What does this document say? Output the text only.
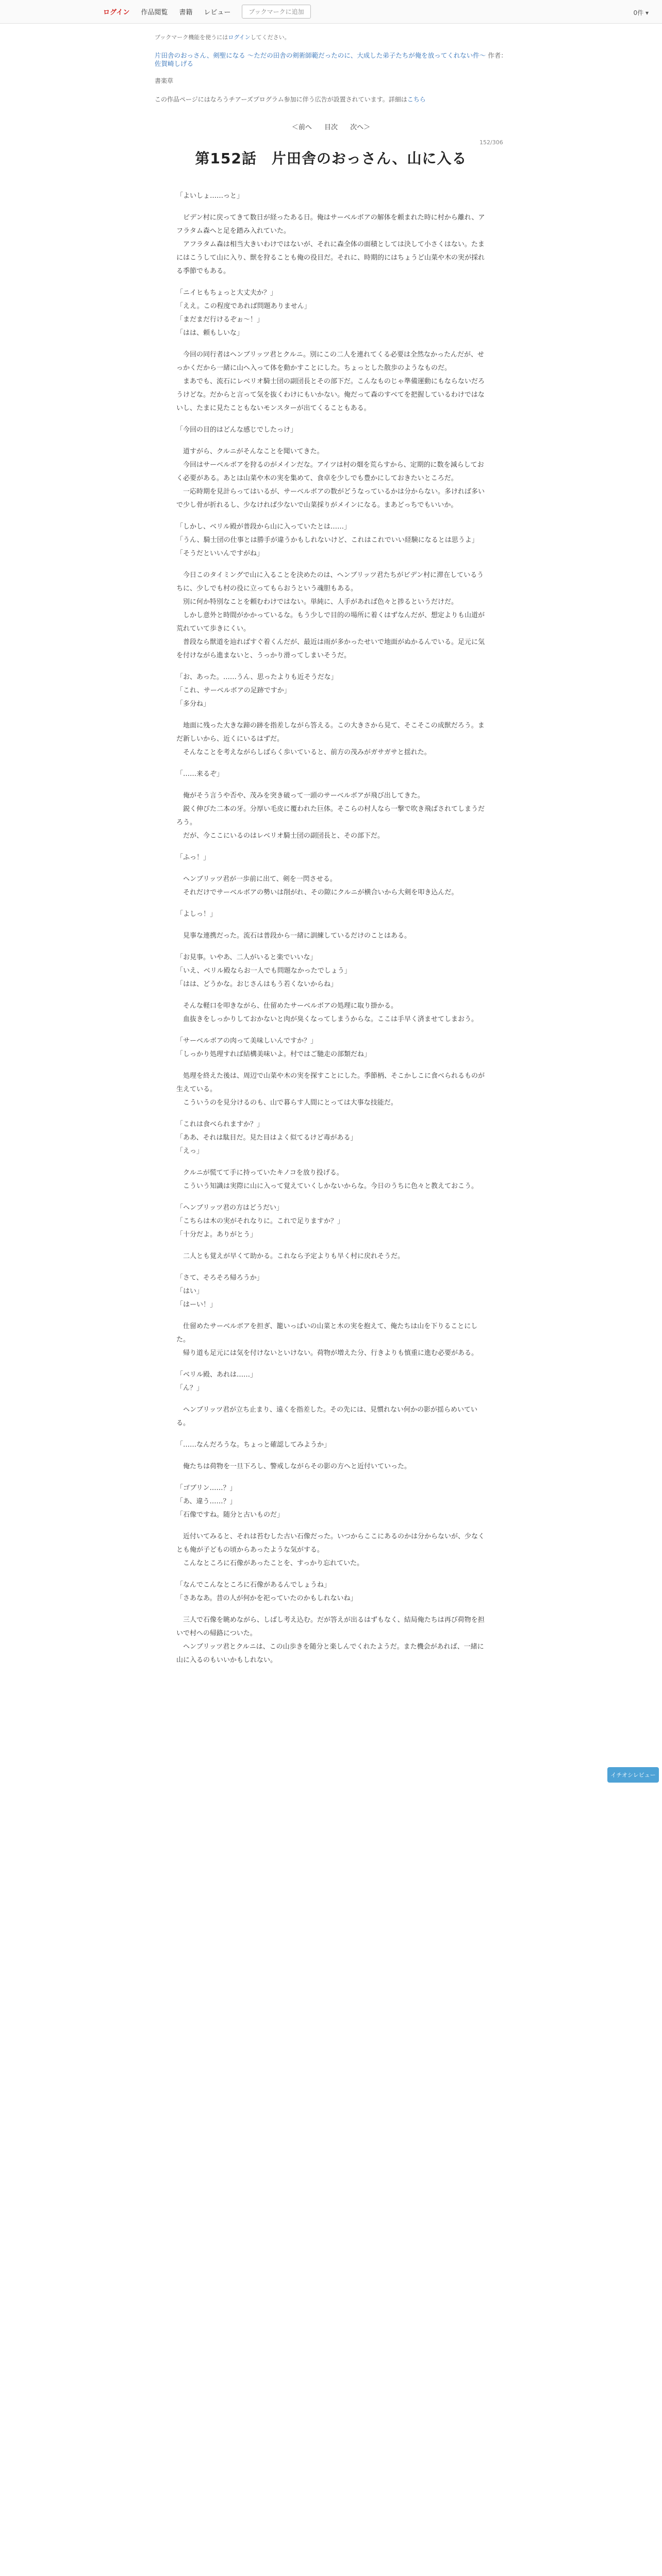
ログイン 作品閲覧 書籍 レビュー	ブックマークに追加	0件 ▾
ブックマーク機能を使うにはログインしてください。
片田舎のおっさん、剣聖になる 〜ただの田舎の剣術師範だったのに、大成した弟子たちが俺を放ってくれない件〜 作者：佐賀崎しげる
書楽草
この作品ページにはなろうチアーズプログラム参加に伴う広告が設置されています。詳細はこちら
＜前へ 目次 次へ＞
152/306
第152話　片田舎のおっさん、山に入る

「よいしょ……っと」

　ビデン村に戻ってきて数日が経ったある日。俺はサーベルボアの解体を頼まれた時に村から離れ、アフラタム森へと足を踏み入れていた。

　アフラタム森は相当大きいわけではないが、それに森全体の面積としては決して小さくはない。たまにはこうして山に入り、獣を狩ることも俺の役目だ。それに、時期的にはちょうど山菜や木の実が採れる季節でもある。

「ニイヒもちょっと大丈夫か？」

「ええ。この程度であれば問題ありません」

「まだまだ行けるぞぉ～！」

「はは、頼もしいな」

　今回の同行者はヘンブリッツ君とクルニ。別にこの二人を連れてくる必要は全然なかったんだが、せっかくだから一緒に山へ入って体を動かすことにした。ちょっとした散歩のようなものだ。

　まあでも、流石にレベリオ騎士団の副団長とその部下だ。こんなものじゃ準備運動にもならないだろうけどな。だからと言って気を抜くわけにもいかない。俺だって森のすべてを把握しているわけではないし、たまに見たこともないモンスターが出てくることもある。

「今回の目的はどんな感じでしたっけ」

　道すがら、クルニがそんなことを聞いてきた。

　今回はサーベルボアを狩るのがメインだな。アイツは村の畑を荒らすから、定期的に数を減らしておく必要がある。あとは山菜や木の実を集めて、食卓を少しでも豊かにしておきたいところだ。

　一応時期を見計らってはいるが、サーベルボアの数がどうなっているかは分からない。多ければ多いで少し骨が折れるし、少なければ少ないで山菜採りがメインになる。まあどっちでもいいか。

「しかし、ベリル殿が普段から山に入っていたとは……」

「うん、騎士団の仕事とは勝手が違うかもしれないけど、これはこれでいい経験になるとは思うよ」

「そうだといいんですがね」

　今日このタイミングで山に入ることを決めたのは、ヘンブリッツ君たちがビデン村に滞在しているうちに、少しでも村の役に立ってもらおうという魂胆もある。

　別に何か特別なことを頼むわけではない。単純に、人手があれば色々と捗るというだけだ。

　しかし意外と時間がかかっているな。もう少しで目的の場所に着くはずなんだが、想定よりも山道が荒れていて歩きにくい。

　普段なら獣道を辿ればすぐ着くんだが、最近は雨が多かったせいで地面がぬかるんでいる。足元に気を付けながら進まないと、うっかり滑ってしまいそうだ。

「お、あった。……うん、思ったよりも近そうだな」

「これ、サーベルボアの足跡ですか」

「多分ね」

　地面に残った大きな蹄の跡を指差しながら答える。この大きさから見て、そこそこの成獣だろう。まだ新しいから、近くにいるはずだ。

　そんなことを考えながらしばらく歩いていると、前方の茂みがガサガサと揺れた。

「……来るぞ」

　俺がそう言うや否や、茂みを突き破って一頭のサーベルボアが飛び出してきた。

　鋭く伸びた二本の牙。分厚い毛皮に覆われた巨体。そこらの村人なら一撃で吹き飛ばされてしまうだろう。

　だが、今ここにいるのはレベリオ騎士団の副団長と、その部下だ。

「ふっ！」

　ヘンブリッツ君が一歩前に出て、剣を一閃させる。

　それだけでサーベルボアの勢いは削がれ、その隙にクルニが横合いから大剣を叩き込んだ。

「よしっ！」

　見事な連携だった。流石は普段から一緒に訓練しているだけのことはある。

「お見事。いやあ、二人がいると楽でいいな」

「いえ、ベリル殿ならお一人でも問題なかったでしょう」

「はは、どうかな。おじさんはもう若くないからね」

　そんな軽口を叩きながら、仕留めたサーベルボアの処理に取り掛かる。

　血抜きをしっかりしておかないと肉が臭くなってしまうからな。ここは手早く済ませてしまおう。

「サーベルボアの肉って美味しいんですか？」

「しっかり処理すれば結構美味いよ。村ではご馳走の部類だね」

　処理を終えた後は、周辺で山菜や木の実を探すことにした。季節柄、そこかしこに食べられるものが生えている。

　こういうのを見分けるのも、山で暮らす人間にとっては大事な技能だ。

「これは食べられますか？」

「ああ、それは駄目だ。見た目はよく似てるけど毒がある」

「えっ」

　クルニが慌てて手に持っていたキノコを放り投げる。

　こういう知識は実際に山に入って覚えていくしかないからな。今日のうちに色々と教えておこう。

「ヘンブリッツ君の方はどうだい」

「こちらは木の実がそれなりに。これで足りますか？」

「十分だよ。ありがとう」

　二人とも覚えが早くて助かる。これなら予定よりも早く村に戻れそうだ。

「さて、そろそろ帰ろうか」

「はい」

「はーい！」

　仕留めたサーベルボアを担ぎ、籠いっぱいの山菜と木の実を抱えて、俺たちは山を下りることにした。

　帰り道も足元には気を付けないといけない。荷物が増えた分、行きよりも慎重に進む必要がある。

「ベリル殿、あれは……」

「ん？」

　ヘンブリッツ君が立ち止まり、遠くを指差した。その先には、見慣れない何かの影が揺らめいている。

「……なんだろうな。ちょっと確認してみようか」

　俺たちは荷物を一旦下ろし、警戒しながらその影の方へと近付いていった。

「ゴブリン……？」

「あ、違う……？」

「石像ですね。随分と古いものだ」

　近付いてみると、それは苔むした古い石像だった。いつからここにあるのかは分からないが、少なくとも俺が子どもの頃からあったような気がする。

　こんなところに石像があったことを、すっかり忘れていた。

「なんでこんなところに石像があるんでしょうね」

「さあなあ。昔の人が何かを祀っていたのかもしれないね」

　三人で石像を眺めながら、しばし考え込む。だが答えが出るはずもなく、結局俺たちは再び荷物を担いで村への帰路についた。

　ヘンブリッツ君とクルニは、この山歩きを随分と楽しんでくれたようだ。また機会があれば、一緒に山に入るのもいいかもしれない。

イチオシレビュー
